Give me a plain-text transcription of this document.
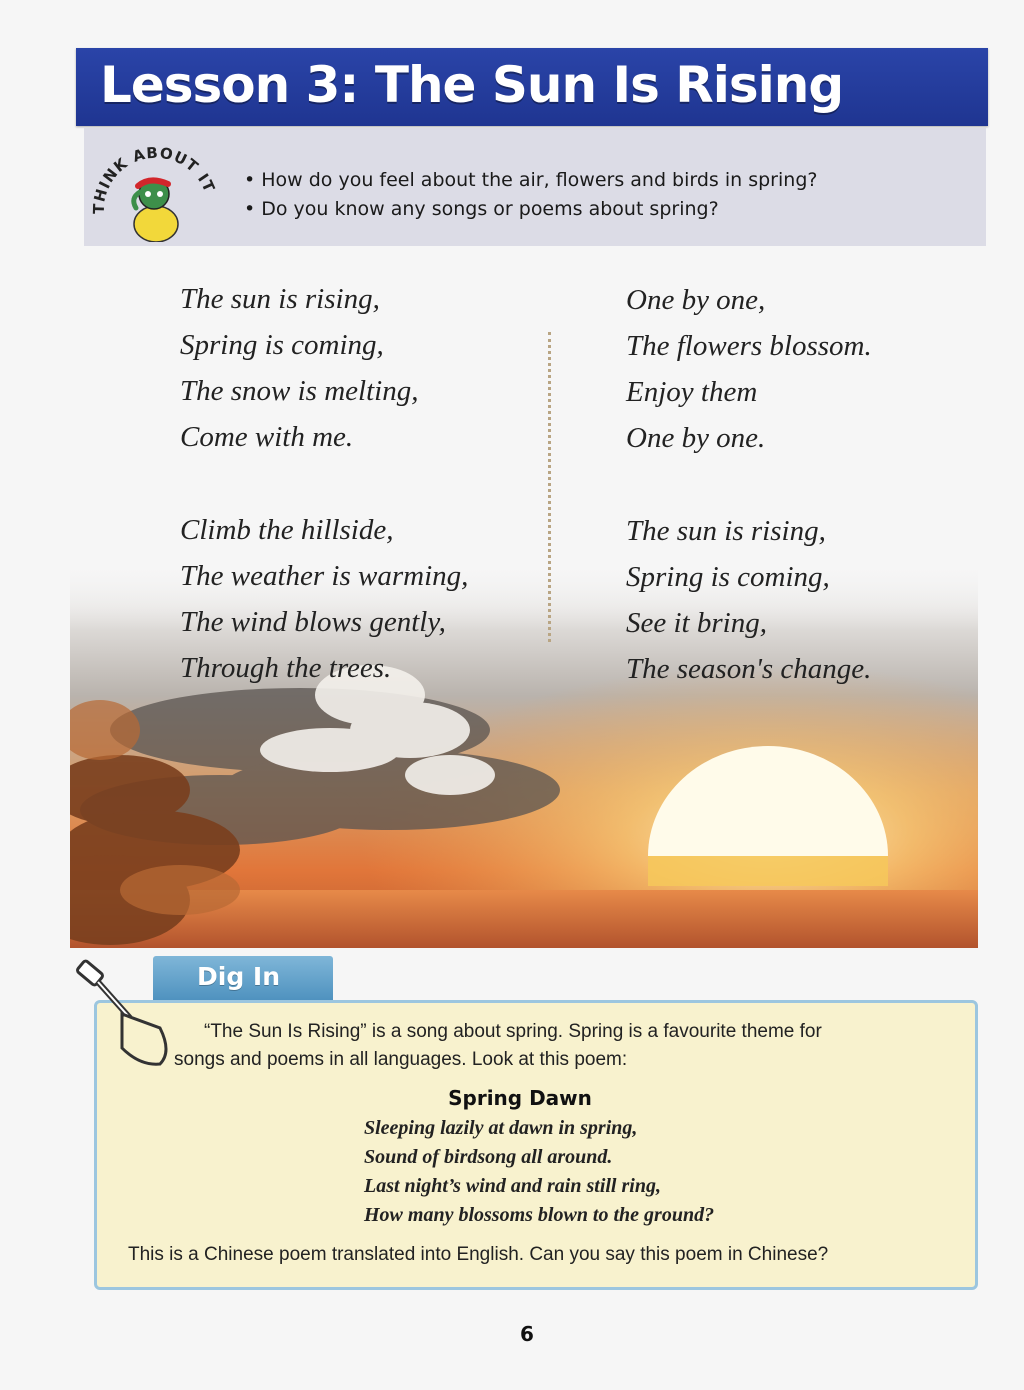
Lesson 3: The Sun Is Rising
THINK ABOUT IT
•	How do you feel about the air, flowers and birds in spring?
• Do you know any songs or poems about spring?
The sun is rising,
Spring is coming,
The snow is melting,
Come with me.
Climb the hillside,
The weather is warming,
The wind blows gently,
Through the trees.
One by one,
The flowers blossom.
Enjoy them
One by one.
The sun is rising,
Spring is coming,
See it bring,
The season's change.
Dig In
“The Sun Is Rising” is a song about spring. Spring is a favourite theme for
songs and poems in all languages. Look at this poem:
Spring Dawn
Sleeping lazily at dawn in spring,
Sound of birdsong all around.
Last night’s wind and rain still ring,
How many blossoms blown to the ground?
This is a Chinese poem translated into English. Can you say this poem in Chinese?
6
